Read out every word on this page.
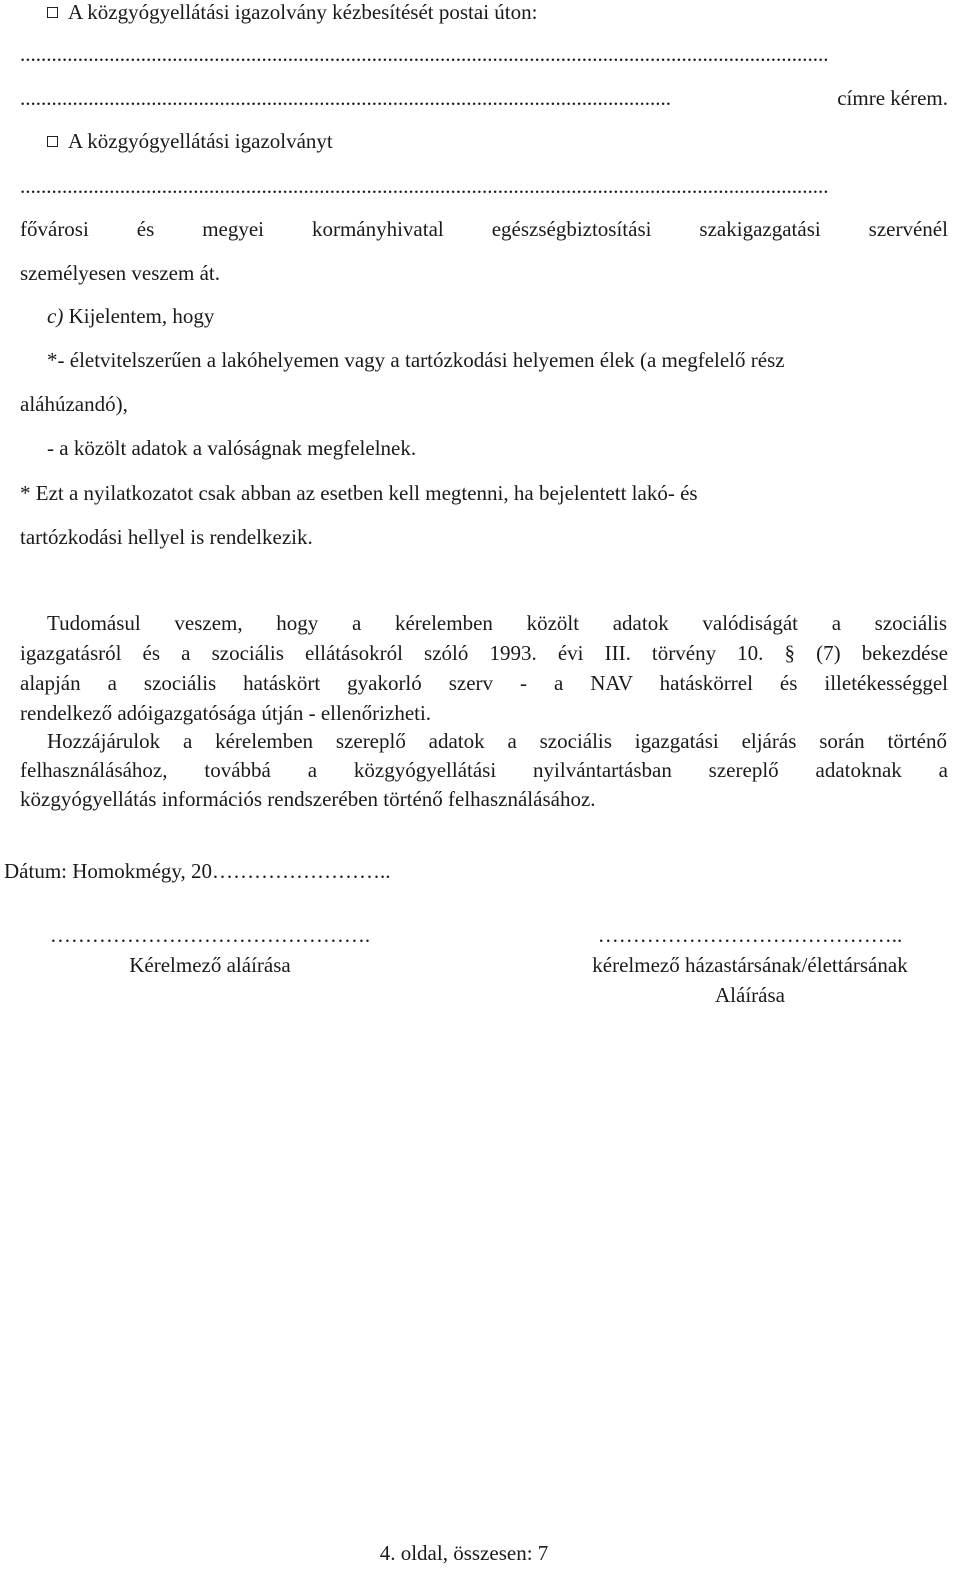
A közgyógyellátási igazolvány kézbesítését postai úton:
..........................................................................................................................................................
............................................................................................................................	címre kérem.
A közgyógyellátási igazolványt
..........................................................................................................................................................
fővárosi és megyei kormányhivatal egészségbiztosítási szakigazgatási szervénél
személyesen veszem át.
c) Kijelentem, hogy
*- életvitelszerűen a lakóhelyemen vagy a tartózkodási helyemen élek (a megfelelő rész
aláhúzandó),
- a közölt adatok a valóságnak megfelelnek.
* Ezt a nyilatkozatot csak abban az esetben kell megtenni, ha bejelentett lakó- és
tartózkodási hellyel is rendelkezik.
Tudomásul veszem, hogy a kérelemben közölt adatok valódiságát a szociális
igazgatásról és a szociális ellátásokról szóló 1993. évi III. törvény 10. § (7) bekezdése
alapján a szociális hatáskört gyakorló szerv - a NAV hatáskörrel és illetékességgel
rendelkező adóigazgatósága útján - ellenőrizheti.
Hozzájárulok a kérelemben szereplő adatok a szociális igazgatási eljárás során történő
felhasználásához, továbbá a közgyógyellátási nyilvántartásban szereplő adatoknak a
közgyógyellátás információs rendszerében történő felhasználásához.
Dátum: Homokmégy, 20……………………..
……………………………………….
Kérelmező aláírása
……………………………………..
kérelmező házastársának/élettársának
Aláírása
4. oldal, összesen: 7
